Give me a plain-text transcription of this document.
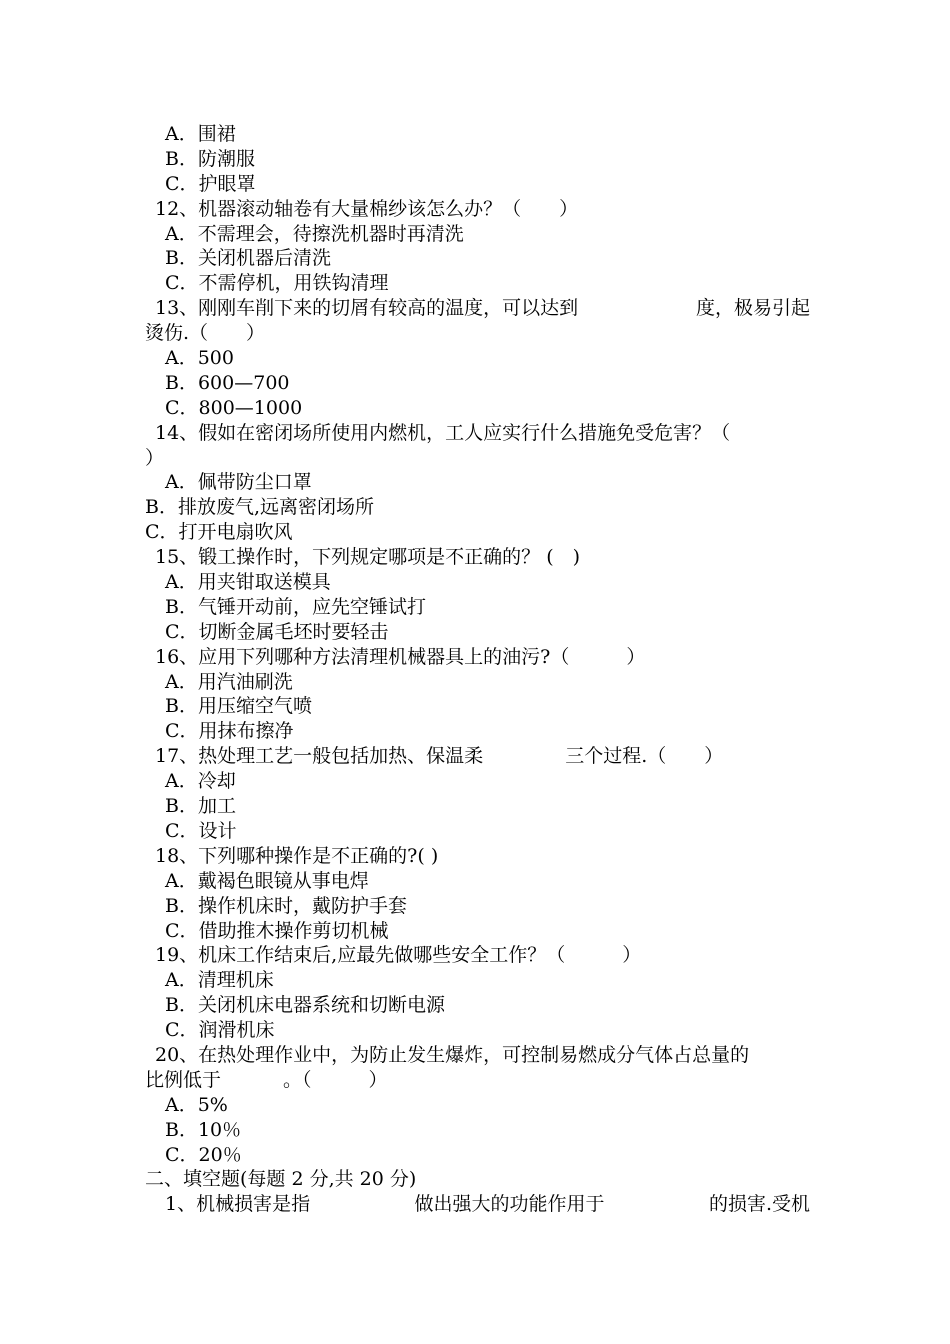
A．围裙
B．防潮服
C．护眼罩
12、机器滚动轴卷有大量棉纱该怎么办？（　　）
A．不需理会，待擦洗机器时再清洗
B．关闭机器后清洗
C．不需停机，用铁钩清理
13、刚刚车削下来的切屑有较高的温度，可以达到	度，极易引起
烫伤.（　　）
A．500
B．600—700
C．800—1000
14、假如在密闭场所使用内燃机，工人应实行什么措施免受危害？（
）
A．佩带防尘口罩
B．排放废气,远离密闭场所
C．打开电扇吹风
15、锻工操作时，下列规定哪项是不正确的？ (　)
A．用夹钳取送模具
B．气锤开动前，应先空锤试打
C．切断金属毛坯时要轻击
16、应用下列哪种方法清理机械器具上的油污?（　　　）
A．用汽油刷洗
B．用压缩空气喷
C．用抹布擦净
17、热处理工艺一般包括加热、保温柔	三个过程.（　　）
A．冷却
B．加工
C．设计
18、下列哪种操作是不正确的?( )
A．戴褐色眼镜从事电焊
B．操作机床时，戴防护手套
C．借助推木操作剪切机械
19、机床工作结束后,应最先做哪些安全工作？（　　　）
A．清理机床
B．关闭机床电器系统和切断电源
C．润滑机床
20、在热处理作业中，为防止发生爆炸，可控制易燃成分气体占总量的
比例低于	。（　　　）
A．5%
B．10％
C．20％
二、填空题(每题 2 分,共 20 分)
1、机械损害是指	做出强大的功能作用于	的损害.受机
